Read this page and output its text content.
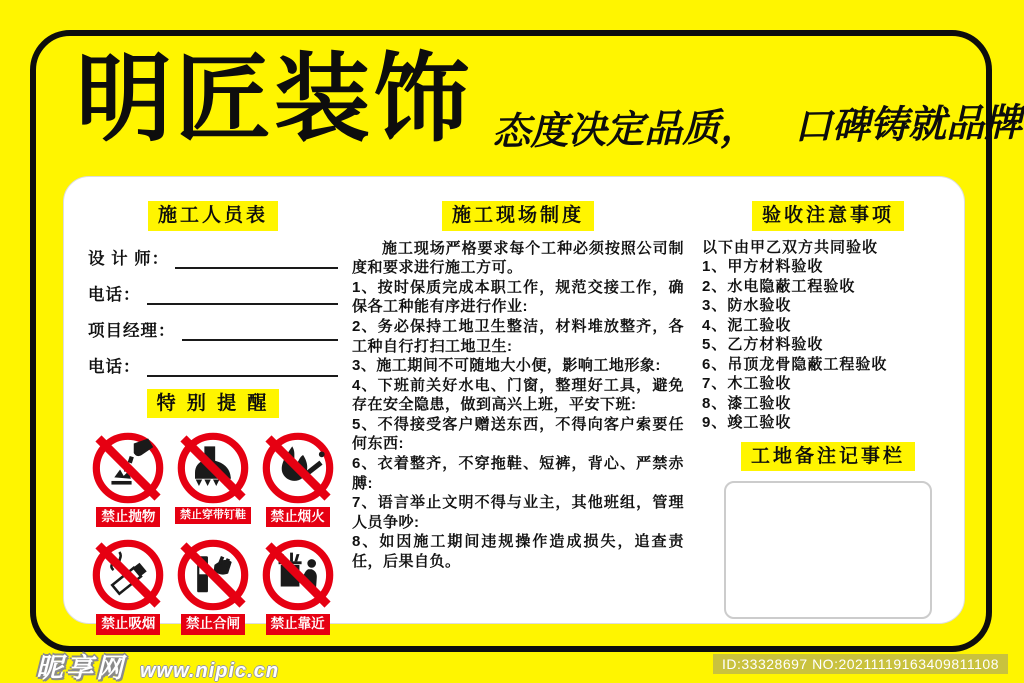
明匠装饰 态度决定品质， 口碑铸就品牌
施工人员表
设 计 师：
电话：
项目经理：
电话：
特 别 提 醒
禁止抛物	禁止穿带钉鞋	禁止烟火
禁止吸烟	禁止合闸	禁止靠近
施工现场制度

施工现场严格要求每个工种必须按照公司制度和要求进行施工方可。

1、按时保质完成本职工作，规范交接工作，确保各工种能有序进行作业:

2、务必保持工地卫生整洁，材料堆放整齐，各工种自行打扫工地卫生:

3、施工期间不可随地大小便，影响工地形象:

4、下班前关好水电、门窗，整理好工具，避免存在安全隐患，做到高兴上班，平安下班:

5、不得接受客户赠送东西，不得向客户索要任何东西:

6、衣着整齐，不穿拖鞋、短裤，背心、严禁赤膊:

7、语言举止文明不得与业主，其他班组，管理人员争吵:

8、如因施工期间违规操作造成损失，追查责任，后果自负。

验收注意事项
以下由甲乙双方共同验收
1、甲方材料验收
2、水电隐蔽工程验收
3、防水验收
4、泥工验收
5、乙方材料验收
6、吊顶龙骨隐蔽工程验收
7、木工验收
8、漆工验收
9、竣工验收
工地备注记事栏
昵享网 www.nipic.cn	ID:33328697 NO:20211119163409811108
